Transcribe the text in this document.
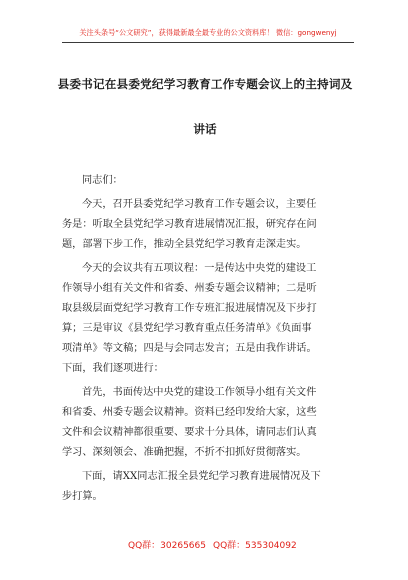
关注头条号“公文研究”，获得最新最全最专业的公文资料库！ 微信：gongwenyj
县委书记在县委党纪学习教育工作专题会议上的主持词及
讲话
同志们：
今天，召开县委党纪学习教育工作专题会议，主要任
务是：听取全县党纪学习教育进展情况汇报，研究存在问
题，部署下步工作，推动全县党纪学习教育走深走实。
今天的会议共有五项议程：一是传达中央党的建设工
作领导小组有关文件和省委、州委专题会议精神；二是听
取县级层面党纪学习教育工作专班汇报进展情况及下步打
算；三是审议《县党纪学习教育重点任务清单》《负面事
项清单》等文稿；四是与会同志发言；五是由我作讲话。
下面，我们逐项进行：
首先，书面传达中央党的建设工作领导小组有关文件
和省委、州委专题会议精神。资料已经印发给大家，这些
文件和会议精神都很重要、要求十分具体，请同志们认真
学习、深刻领会、准确把握，不折不扣抓好贯彻落实。
下面，请XX同志汇报全县党纪学习教育进展情况及下
步打算。
QQ群：30265665 QQ群：535304092
